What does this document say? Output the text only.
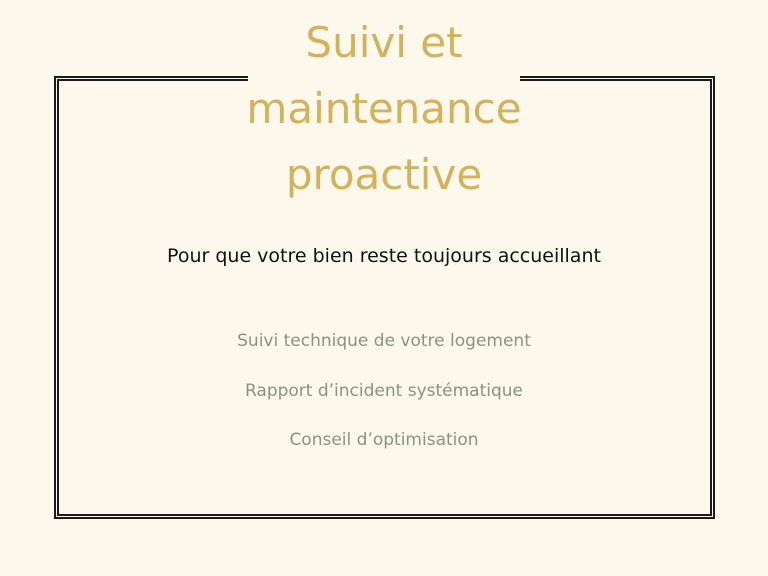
Suivi et
maintenance
proactive

Pour que votre bien reste toujours accueillant

Suivi technique de votre logement
Rapport d’incident systématique
Conseil d’optimisation
